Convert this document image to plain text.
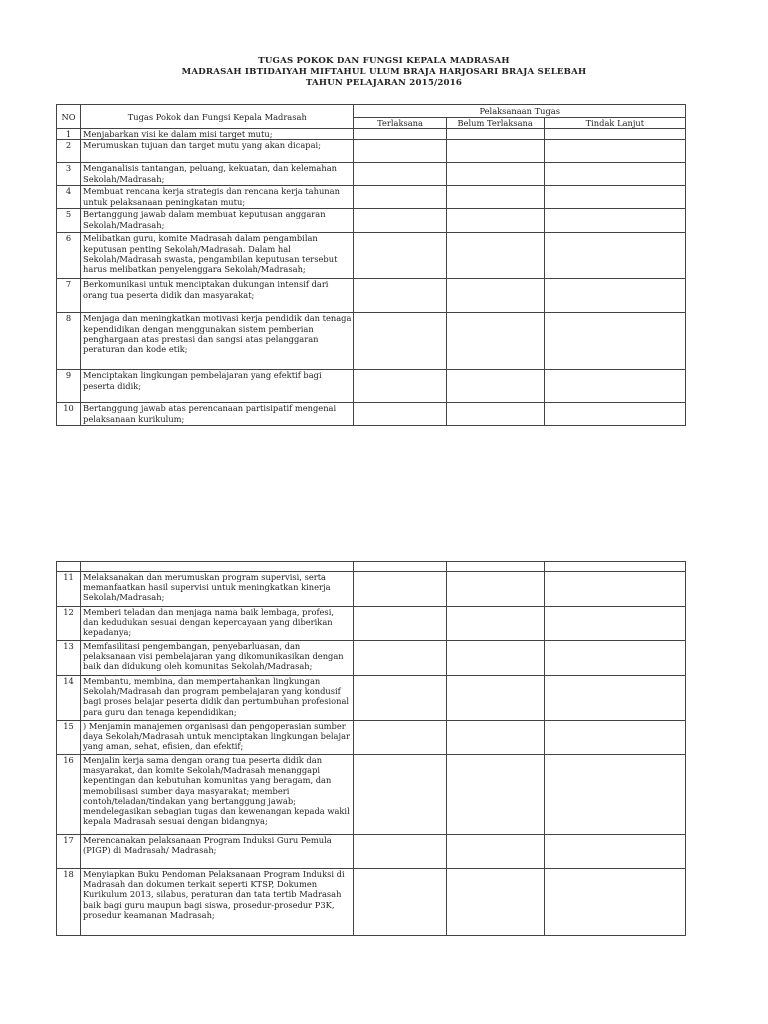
TUGAS POKOK DAN FUNGSI KEPALA MADRASAH
MADRASAH IBTIDAIYAH MIFTAHUL ULUM BRAJA HARJOSARI BRAJA SELEBAH
TAHUN PELAJARAN 2015/2016
NO	Tugas Pokok dan Fungsi Kepala Madrasah	Pelaksanaan Tugas		
		Terlaksana	Belum Terlaksana	Tindak Lanjut
1	Menjabarkan visi ke dalam misi target mutu;			
2	Merumuskan tujuan dan target mutu yang akan dicapai;			
3	Menganalisis tantangan, peluang, kekuatan, dan kelemahan Sekolah/Madrasah;			
4	Membuat rencana kerja strategis dan rencana kerja tahunan untuk pelaksanaan peningkatan mutu;			
5	Bertanggung jawab dalam membuat keputusan anggaran Sekolah/Madrasah;			
6	Melibatkan guru, komite Madrasah dalam pengambilan keputusan penting Sekolah/Madrasah. Dalam hal Sekolah/Madrasah swasta, pengambilan keputusan tersebut harus melibatkan penyelenggara Sekolah/Madrasah;			
7	Berkomunikasi untuk menciptakan dukungan intensif dari orang tua peserta didik dan masyarakat;			
8	Menjaga dan meningkatkan motivasi kerja pendidik dan tenaga kependidikan dengan menggunakan sistem pemberian penghargaan atas prestasi dan sangsi atas pelanggaran peraturan dan kode etik;			
9	Menciptakan lingkungan pembelajaran yang efektif bagi peserta didik;			
10	Bertanggung jawab atas perencanaan partisipatif mengenai pelaksanaan kurikulum;			

11	Melaksanakan dan merumuskan program supervisi, serta memanfaatkan hasil supervisi untuk meningkatkan kinerja Sekolah/Madrasah;			
12	Memberi teladan dan menjaga nama baik lembaga, profesi, dan kedudukan sesuai dengan kepercayaan yang diberikan kepadanya;			
13	Memfasilitasi pengembangan, penyebarluasan, dan pelaksanaan visi pembelajaran yang dikomunikasikan dengan baik dan didukung oleh komunitas Sekolah/Madrasah;			
14	Membantu, membina, dan mempertahankan lingkungan Sekolah/Madrasah dan program pembelajaran yang kondusif bagi proses belajar peserta didik dan pertumbuhan profesional para guru dan tenaga kependidikan;			
15	) Menjamin manajemen organisasi dan pengoperasian sumber daya Sekolah/Madrasah untuk menciptakan lingkungan belajar yang aman, sehat, efisien, dan efektif;			
16	Menjalin kerja sama dengan orang tua peserta didik dan masyarakat, dan komite Sekolah/Madrasah menanggapi kepentingan dan kebutuhan komunitas yang beragam, dan memobilisasi sumber daya masyarakat; memberi contoh/teladan/tindakan yang bertanggung jawab; mendelegasikan sebagian tugas dan kewenangan kepada wakil kepala Madrasah sesuai dengan bidangnya;			
17	Merencanakan pelaksanaan Program Induksi Guru Pemula (PIGP) di Madrasah/ Madrasah;			
18	Menyiapkan Buku Pendoman Pelaksanaan Program Induksi di Madrasah dan dokumen terkait seperti KTSP, Dokumen Kurikulum 2013, silabus, peraturan dan tata tertib Madrasah baik bagi guru maupun bagi siswa, prosedur-prosedur P3K, prosedur keamanan Madrasah;			
